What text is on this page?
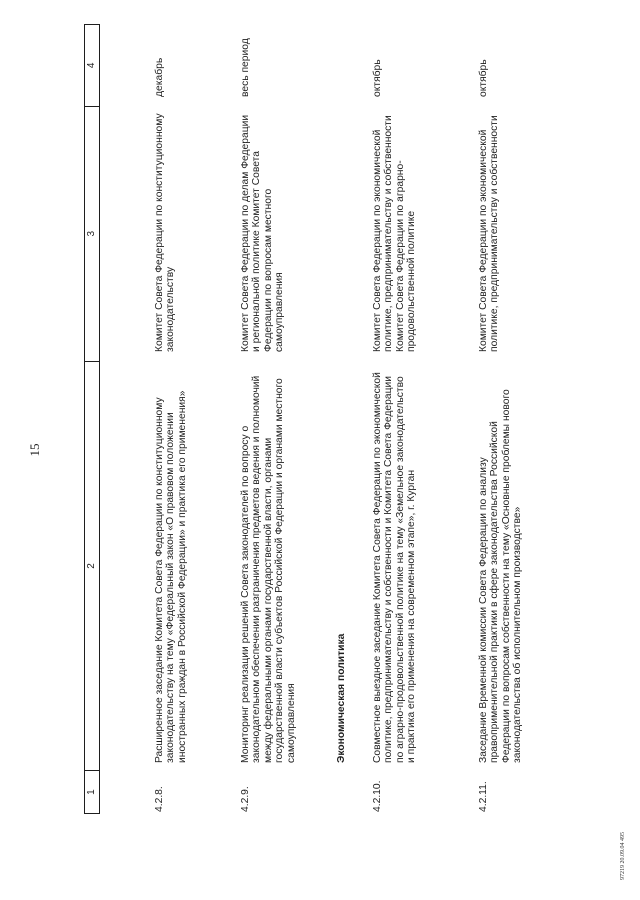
15
1
2
3
4
4.2.8.
Расширенное заседание Комитета Совета Федерации по конституционному законодательству на тему «Федеральный закон «О правовом положении иностранных граждан в Российской Федерации» и практика его применения»
Комитет Совета Федерации по конституционному законодательству
декабрь
4.2.9.
Мониторинг реализации решений Совета законодателей по вопросу о законодательном обеспечении разграничения предметов ведения и полномочий между федеральными органами государственной власти, органами государственной власти субъектов Российской Федерации и органами местного самоуправления
Комитет Совета Федерации по делам Федерации и региональной политике Комитет Совета Федерации по вопросам местного самоуправления
весь период
Экономическая политика
4.2.10.
Совместное выездное заседание Комитета Совета Федерации по экономической политике, предпринимательству и собственности и Комитета Совета Федерации по аграрно-продовольственной политике на тему «Земельное законодательство и практика его применения на современном этапе», г. Курган
Комитет Совета Федерации по экономической политике, предпринимательству и собственности Комитет Совета Федерации по аграрно-продовольственной политике
октябрь
4.2.11.
Заседание Временной комиссии Совета Федерации по анализу правоприменительной практики в сфере законодательства Российской Федерации по вопросам собственности на тему «Основные проблемы нового законодательства об исполнительном производстве»
Комитет Совета Федерации по экономической политике, предпринимательству и собственности
октябрь
97219 20.09.04 495
